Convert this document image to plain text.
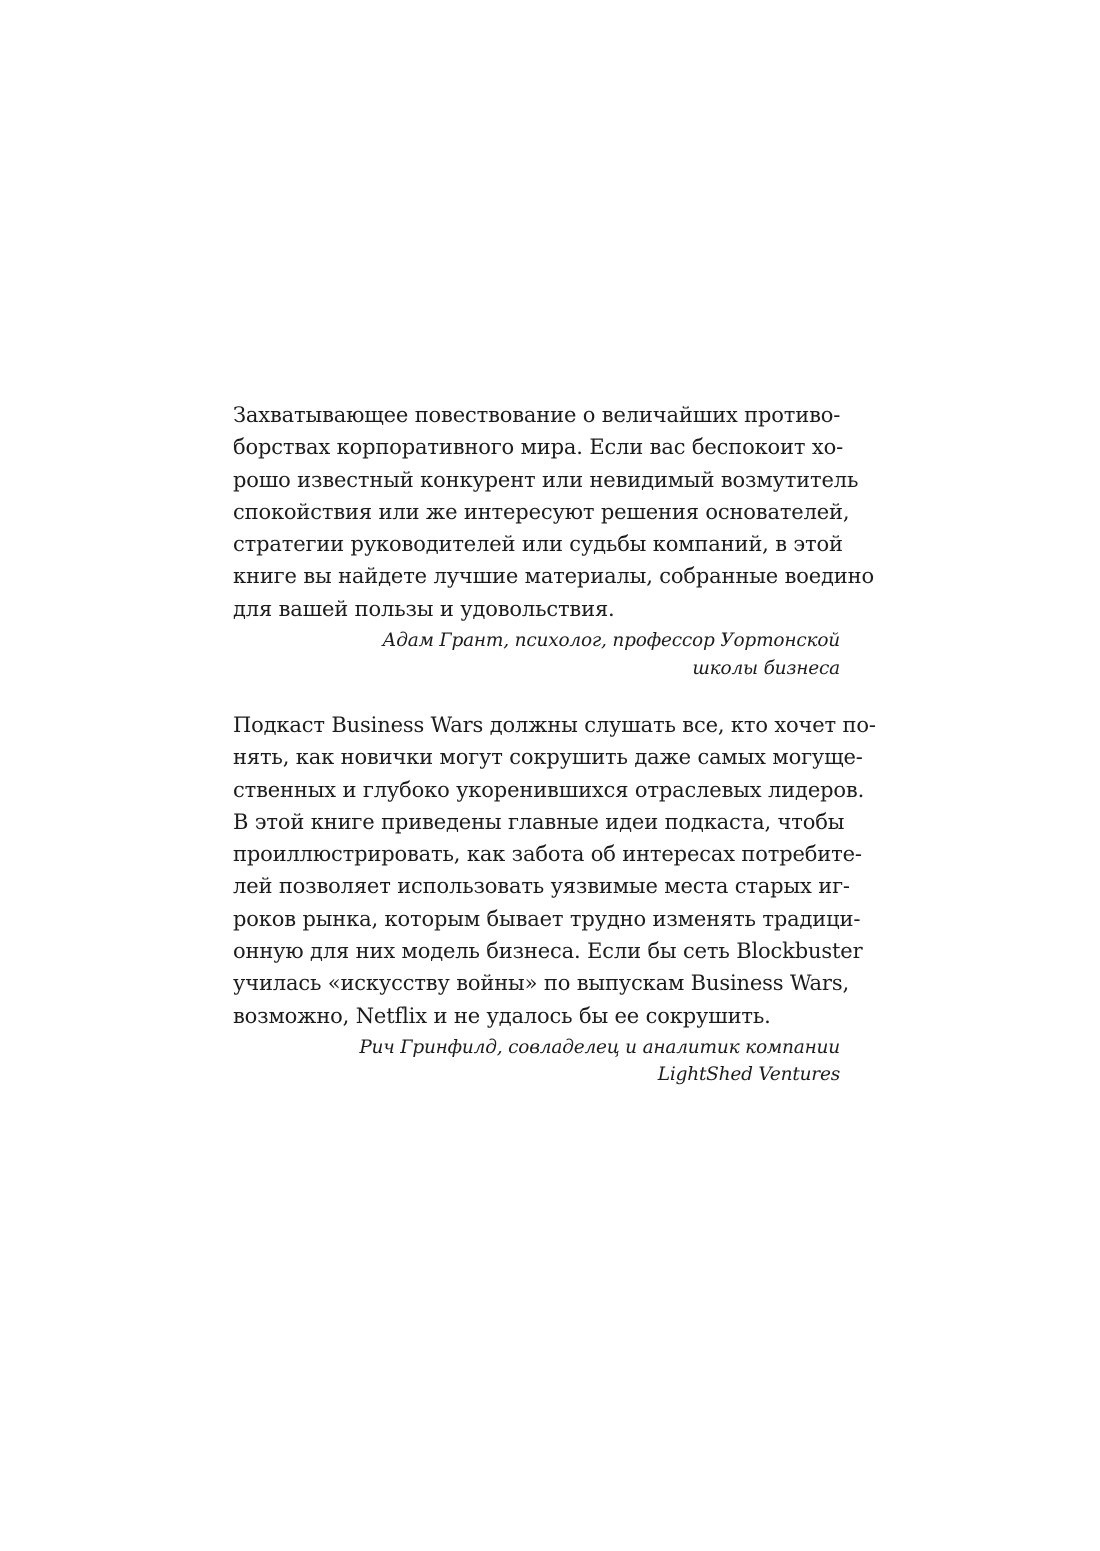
Захватывающее повествование о величайших противо-
борствах корпоративного мира. Если вас беспокоит хо-
рошо известный конкурент или невидимый возмутитель
спокойствия или же интересуют решения основателей,
стратегии руководителей или судьбы компаний, в этой
книге вы найдете лучшие материалы, собранные воедино
для вашей пользы и удовольствия.
Адам Грант, психолог, профессор Уортонской
школы бизнеса
Подкаст Business Wars должны слушать все, кто хочет по-
нять, как новички могут сокрушить даже самых могуще-
ственных и глубоко укоренившихся отраслевых лидеров.
В этой книге приведены главные идеи подкаста, чтобы
проиллюстрировать, как забота об интересах потребите-
лей позволяет использовать уязвимые места старых иг-
роков рынка, которым бывает трудно изменять традици-
онную для них модель бизнеса. Если бы сеть Blockbuster
училась «искусству войны» по выпускам Business Wars,
возможно, Netflix и не удалось бы ее сокрушить.
Рич Гринфилд, совладелец и аналитик компании
LightShed Ventures
